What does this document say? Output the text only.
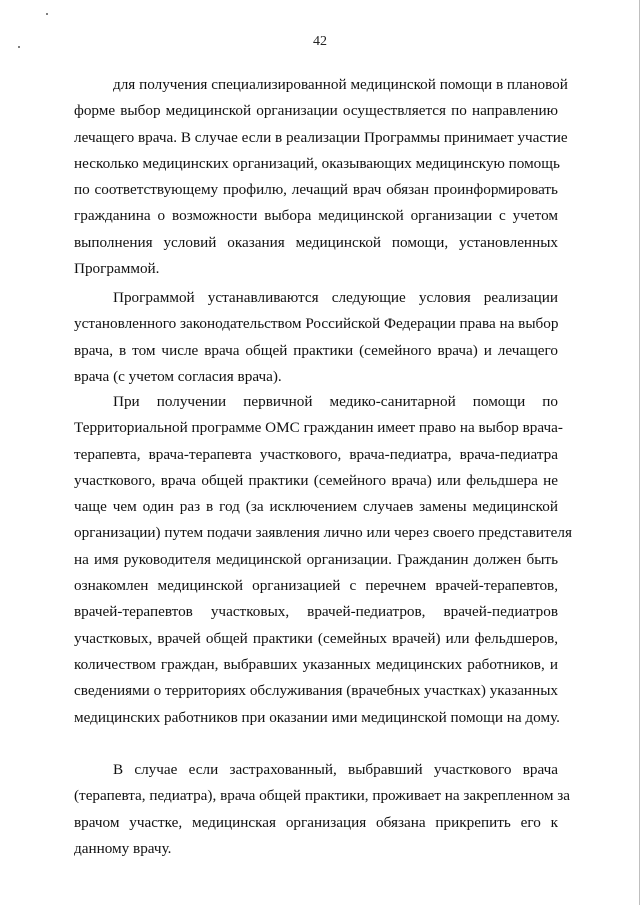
42
для получения специализированной медицинской помощи в плановой
форме выбор медицинской организации осуществляется по направлению
лечащего врача. В случае если в реализации Программы принимает участие
несколько медицинских организаций, оказывающих медицинскую помощь
по соответствующему профилю, лечащий врач обязан проинформировать
гражданина о возможности выбора медицинской организации с учетом
выполнения условий оказания медицинской помощи, установленных
Программой.
Программой устанавливаются следующие условия реализации
установленного законодательством Российской Федерации права на выбор
врача, в том числе врача общей практики (семейного врача) и лечащего
врача (с учетом согласия врача).
При получении первичной медико-санитарной помощи по
Территориальной программе ОМС гражданин имеет право на выбор врача-
терапевта, врача-терапевта участкового, врача-педиатра, врача-педиатра
участкового, врача общей практики (семейного врача) или фельдшера не
чаще чем один раз в год (за исключением случаев замены медицинской
организации) путем подачи заявления лично или через своего представителя
на имя руководителя медицинской организации. Гражданин должен быть
ознакомлен медицинской организацией с перечнем врачей-терапевтов,
врачей-терапевтов участковых, врачей-педиатров, врачей-педиатров
участковых, врачей общей практики (семейных врачей) или фельдшеров,
количеством граждан, выбравших указанных медицинских работников, и
сведениями о территориях обслуживания (врачебных участках) указанных
медицинских работников при оказании ими медицинской помощи на дому.
В случае если застрахованный, выбравший участкового врача
(терапевта, педиатра), врача общей практики, проживает на закрепленном за
врачом участке, медицинская организация обязана прикрепить его к
данному врачу.
